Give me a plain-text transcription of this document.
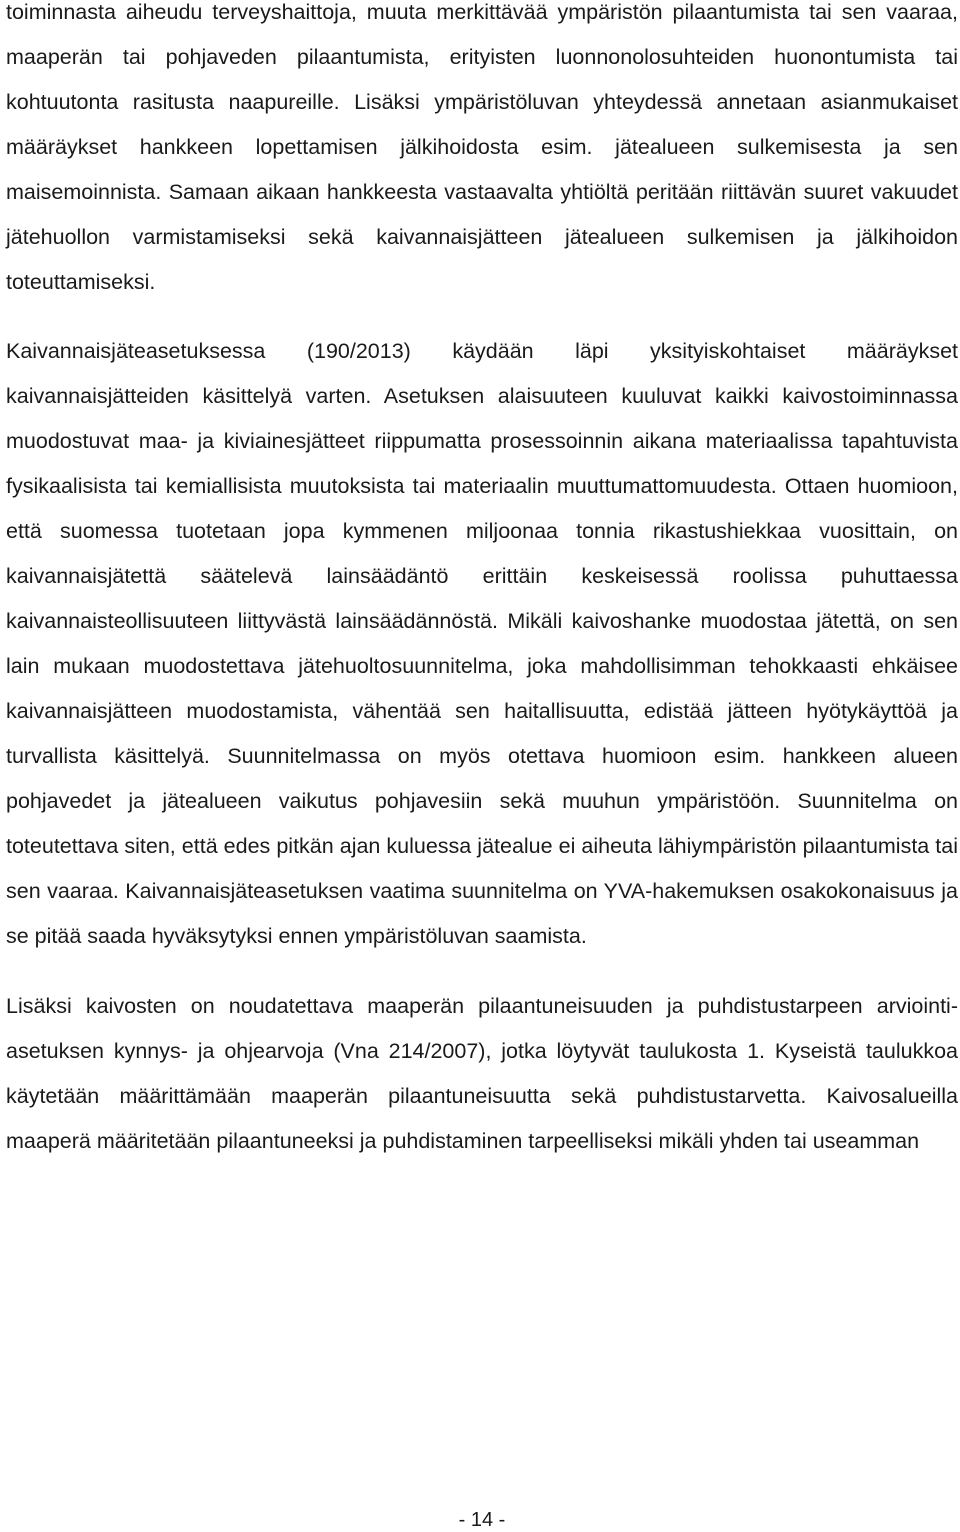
toiminnasta aiheudu terveyshaittoja, muuta merkittävää ympäristön pilaantumista tai sen vaaraa, maaperän tai pohjaveden pilaantumista, erityisten luonnonolosuhteiden huonontumista tai kohtuutonta rasitusta naapureille. Lisäksi ympäristöluvan yhteydessä annetaan asianmukaiset määräykset hankkeen lopettamisen jälkihoidosta esim. jätealueen sulkemisesta ja sen maisemoinnista. Samaan aikaan hankkeesta vastaavalta yhtiöltä peritään riittävän suuret vakuudet jätehuollon varmistamiseksi sekä kaivannaisjätteen jätealueen sulkemisen ja jälkihoidon toteuttamiseksi.

Kaivannaisjäteasetuksessa (190/2013) käydään läpi yksityiskohtaiset määräykset kaivannaisjätteiden käsittelyä varten. Asetuksen alaisuuteen kuuluvat kaikki kaivostoiminnassa muodostuvat maa- ja kiviainesjätteet riippumatta prosessoinnin aikana materiaalissa tapahtuvista fysikaalisista tai kemiallisista muutoksista tai materiaalin muuttumattomuudesta. Ottaen huomioon, että suomessa tuotetaan jopa kymmenen miljoonaa tonnia rikastushiekkaa vuosittain, on kaivannaisjätettä säätelevä lainsäädäntö erittäin keskeisessä roolissa puhuttaessa kaivannaisteollisuuteen liittyvästä lainsäädännöstä. Mikäli kaivoshanke muodostaa jätettä, on sen lain mukaan muodostettava jätehuoltosuunnitelma, joka mahdollisimman tehokkaasti ehkäisee kaivannaisjätteen muodostamista, vähentää sen haitallisuutta, edistää jätteen hyötykäyttöä ja turvallista käsittelyä. Suunnitelmassa on myös otettava huomioon esim. hankkeen alueen pohjavedet ja jätealueen vaikutus pohjavesiin sekä muuhun ympäristöön. Suunnitelma on toteutettava siten, että edes pitkän ajan kuluessa jätealue ei aiheuta lähiympäristön pilaantumista tai sen vaaraa. Kaivannaisjäteasetuksen vaatima suunnitelma on YVA-hakemuksen osakokonaisuus ja se pitää saada hyväksytyksi ennen ympäristöluvan saamista.

Lisäksi kaivosten on noudatettava maaperän pilaantuneisuuden ja puhdistustarpeen arviointi-asetuksen kynnys- ja ohjearvoja (Vna 214/2007), jotka löytyvät taulukosta 1. Kyseistä taulukkoa käytetään määrittämään maaperän pilaantuneisuutta sekä puhdistustarvetta. Kaivosalueilla maaperä määritetään pilaantuneeksi ja puhdistaminen tarpeelliseksi mikäli yhden tai useamman

- 14 -
